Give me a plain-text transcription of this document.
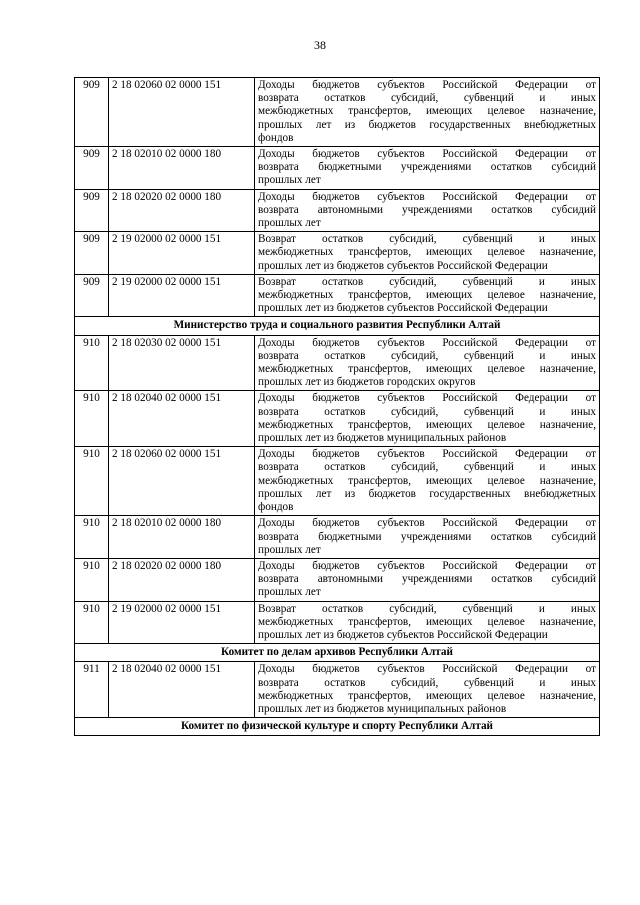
38
909	2 18 02060 02 0000 151	Доходы бюджетов субъектов Российской Федерации от
возврата остатков субсидий, субвенций и иных
межбюджетных трансфертов, имеющих целевое назначение,
прошлых лет из бюджетов государственных внебюджетных
фондов

909	2 18 02010 02 0000 180	Доходы бюджетов субъектов Российской Федерации от
возврата бюджетными учреждениями остатков субсидий
прошлых лет

909	2 18 02020 02 0000 180	Доходы бюджетов субъектов Российской Федерации от
возврата автономными учреждениями остатков субсидий
прошлых лет

909	2 19 02000 02 0000 151	Возврат остатков субсидий, субвенций и иных
межбюджетных трансфертов, имеющих целевое назначение,
прошлых лет из бюджетов субъектов Российской Федерации

909	2 19 02000 02 0000 151	Возврат остатков субсидий, субвенций и иных
межбюджетных трансфертов, имеющих целевое назначение,
прошлых лет из бюджетов субъектов Российской Федерации

Министерство труда и социального развития Республики Алтай		
910	2 18 02030 02 0000 151	Доходы бюджетов субъектов Российской Федерации от
возврата остатков субсидий, субвенций и иных
межбюджетных трансфертов, имеющих целевое назначение,
прошлых лет из бюджетов городских округов

910	2 18 02040 02 0000 151	Доходы бюджетов субъектов Российской Федерации от
возврата остатков субсидий, субвенций и иных
межбюджетных трансфертов, имеющих целевое назначение,
прошлых лет из бюджетов муниципальных районов

910	2 18 02060 02 0000 151	Доходы бюджетов субъектов Российской Федерации от
возврата остатков субсидий, субвенций и иных
межбюджетных трансфертов, имеющих целевое назначение,
прошлых лет из бюджетов государственных внебюджетных
фондов

910	2 18 02010 02 0000 180	Доходы бюджетов субъектов Российской Федерации от
возврата бюджетными учреждениями остатков субсидий
прошлых лет

910	2 18 02020 02 0000 180	Доходы бюджетов субъектов Российской Федерации от
возврата автономными учреждениями остатков субсидий
прошлых лет

910	2 19 02000 02 0000 151	Возврат остатков субсидий, субвенций и иных
межбюджетных трансфертов, имеющих целевое назначение,
прошлых лет из бюджетов субъектов Российской Федерации

Комитет по делам архивов Республики Алтай		
911	2 18 02040 02 0000 151	Доходы бюджетов субъектов Российской Федерации от
возврата остатков субсидий, субвенций и иных
межбюджетных трансфертов, имеющих целевое назначение,
прошлых лет из бюджетов муниципальных районов

Комитет по физической культуре и спорту Республики Алтай		
